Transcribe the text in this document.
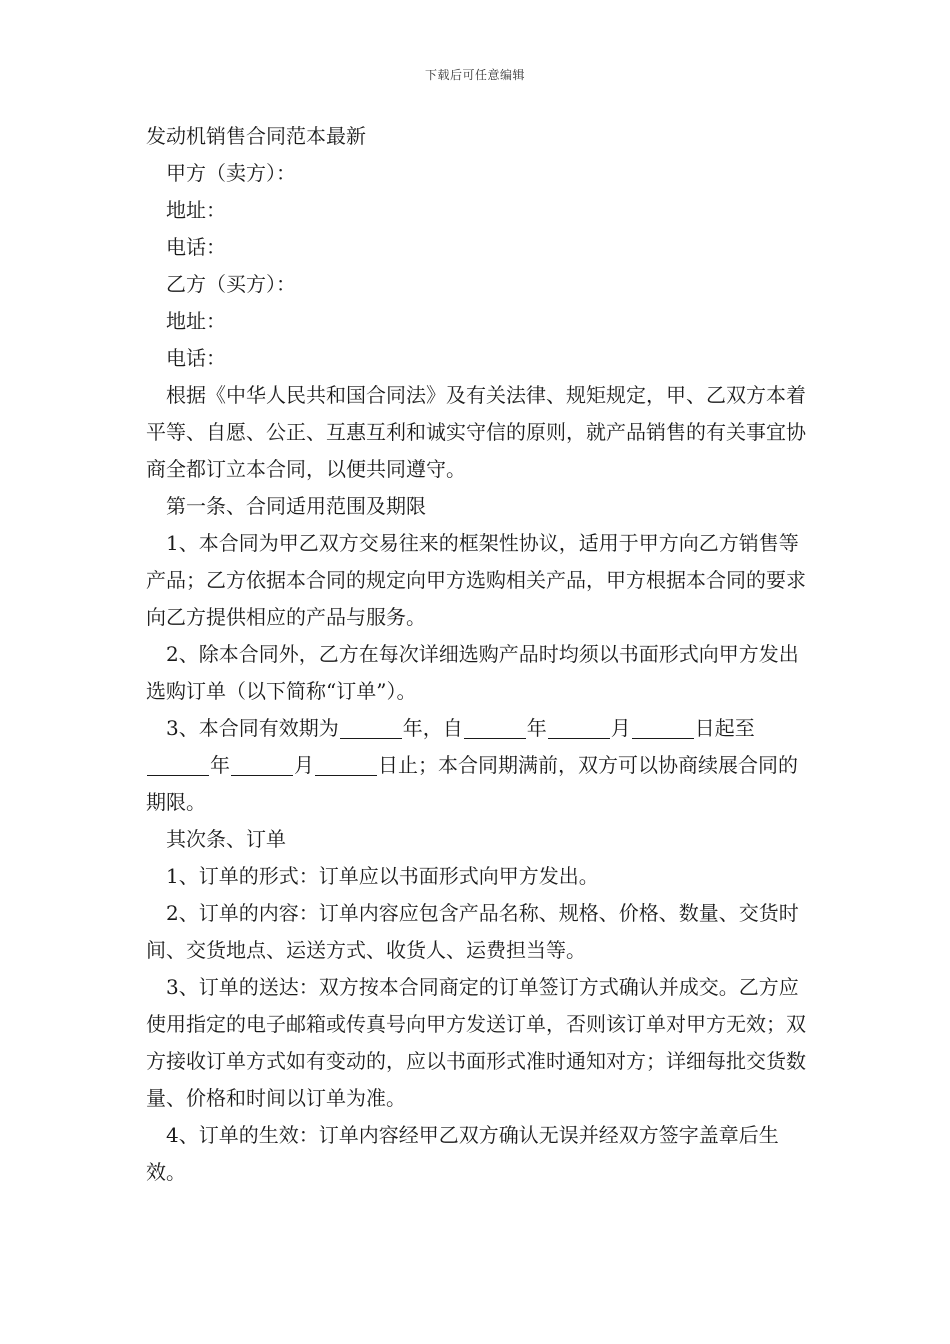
下载后可任意编辑

发动机销售合同范本最新

甲方（卖方）：

地址：

电话：

乙方（买方）：

地址：

电话：

根据《中华人民共和国合同法》及有关法律、规矩规定，甲、乙双方本着平等、自愿、公正、互惠互利和诚实守信的原则，就产品销售的有关事宜协商全都订立本合同，以便共同遵守。

第一条、合同适用范围及期限

1、本合同为甲乙双方交易往来的框架性协议，适用于甲方向乙方销售等产品；乙方依据本合同的规定向甲方选购相关产品，甲方根据本合同的要求向乙方提供相应的产品与服务。

2、除本合同外，乙方在每次详细选购产品时均须以书面形式向甲方发出选购订单（以下简称“订单”）。

3、本合同有效期为	年，自	年	月	日起至年	月	日止；本合同期满前，双方可以协商续展合同的期限。

其次条、订单

1、订单的形式：订单应以书面形式向甲方发出。

2、订单的内容：订单内容应包含产品名称、规格、价格、数量、交货时间、交货地点、运送方式、收货人、运费担当等。

3、订单的送达：双方按本合同商定的订单签订方式确认并成交。乙方应使用指定的电子邮箱或传真号向甲方发送订单，否则该订单对甲方无效；双方接收订单方式如有变动的，应以书面形式准时通知对方；详细每批交货数量、价格和时间以订单为准。

4、订单的生效：订单内容经甲乙双方确认无误并经双方签字盖章后生效。
